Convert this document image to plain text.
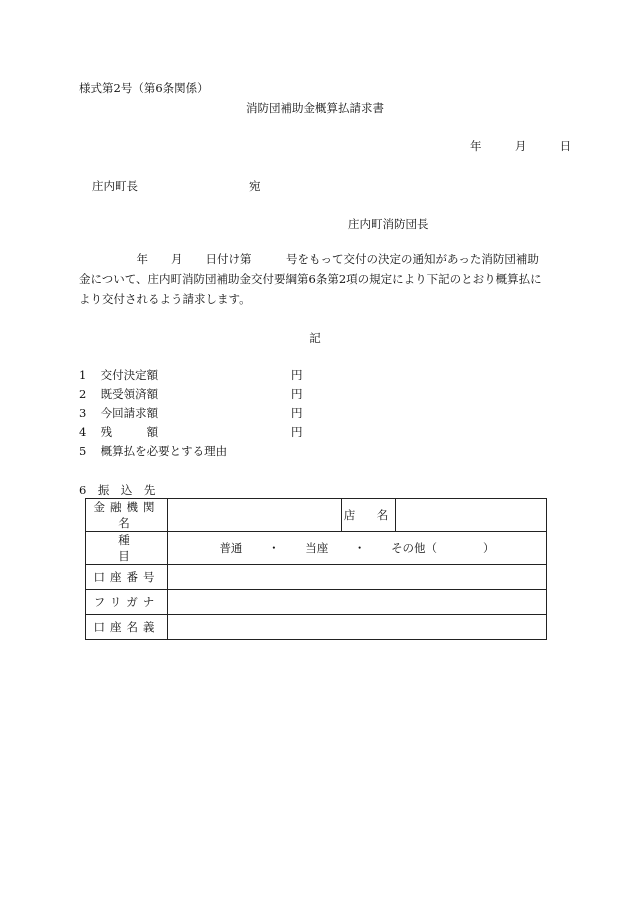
様式第2号（第6条関係）
消防団補助金概算払請求書
年	月	日
庄内町長	宛
庄内町消防団長

　　　　　年　　月　　日付け第　　　号をもって交付の決定の通知があった消防団補助

金について、庄内町消防団補助金交付要綱第6条第2項の規定により下記のとおり概算払に

より交付されるよう請求します。

記
1 交付決定額	円
2 既受領済額	円
3 今回請求額	円
4 残　　　額	円
5 概算払を必要とする理由
6　振　込　先
金融機関名		店　名	
種　　　目	普通 ・ 当座 ・ その他（　　　　）		
口座番号			
フリガナ			
口座名義			
